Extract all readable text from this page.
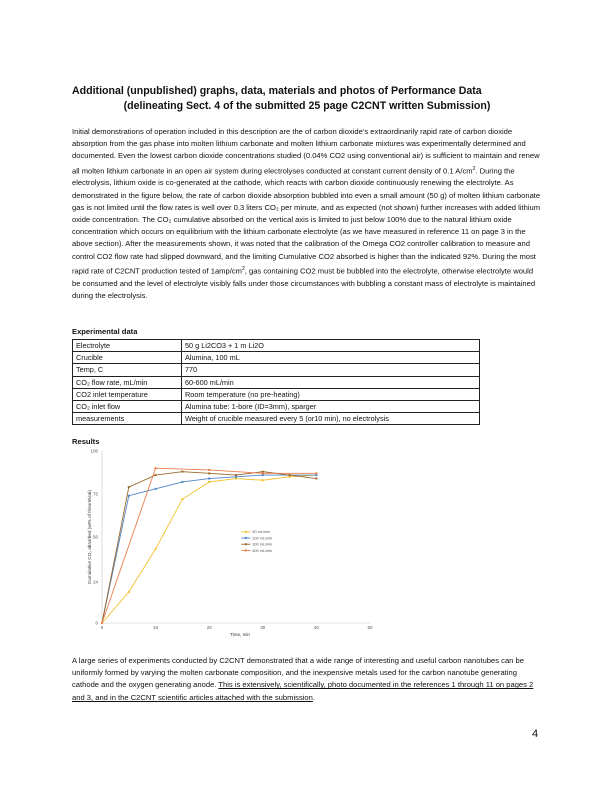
Additional (unpublished) graphs, data, materials and photos of Performance Data
(delineating Sect. 4 of the submitted 25 page C2CNT written Submission)

Initial demonstrations of operation included in this description are the of carbon dioxide’s extraordinarily rapid rate of carbon dioxide absorption from the gas phase into molten lithium carbonate and molten lithium carbonate mixtures was experimentally determined and documented. Even the lowest carbon dioxide concentrations studied (0.04% CO2 using conventional air) is sufficient to maintain and renew all molten lithium carbonate in an open air system during electrolyses conducted at constant current density of 0.1 $A/cm^2$. During the electrolysis, lithium oxide is co-generated at the cathode, which reacts with carbon dioxide continuously renewing the electrolyte. As demonstrated in the figure below, the rate of carbon dioxide absorption bubbled into even a small amount (50 g) of molten lithium carbonate gas is not limited until the flow rates is well over 0.3 liters CO₂ per minute, and as expected (not shown) further increases with added lithium oxide concentration. The CO₂ cumulative absorbed on the vertical axis is limited to just below 100% due to the natural lithium oxide concentration which occurs on equilibrium with the lithium carbonate electrolyte (as we have measured in reference 11 on page 3 in the above section). After the measurements shown, it was noted that the calibration of the Omega CO2 controller calibration to measure and control CO2 flow rate had slipped downward, and the limiting Cumulative CO2 absorbed is higher than the indicated 92%. During the most rapid rate of C2CNT production tested of $1amp/cm^2$, gas containing CO2 must be bubbled into the electrolyte, otherwise electrolyte would be consumed and the level of electrolyte visibly falls under those circumstances with bubbling a constant mass of electrolyte is maintained during the electrolysis.

Experimental data
Electrolyte	50 g Li2CO3 + 1 m Li2O
Crucible	Alumina, 100 mL
Temp, C	770
CO₂ flow rate, mL/min	60-600 mL/min
CO2 inlet temperature	Room temperature (no pre-heating)
CO₂ inlet flow	Alumina tube: 1-bore (ID=3mm), sparger
measurements	Weight of crucible measured every 5 (or10 min), no electrolysis
Results
0	10	20	30	40	50
0
24
50
75
100
60 mL/min
200 mL/min
300 mL/min
600 mL/min
Time, min
Cumulative CO₂ absorbed (wt% of theoretical)

A large series of experiments conducted by C2CNT demonstrated that a wide range of interesting and useful carbon nanotubes can be uniformly formed by varying the molten carbonate composition, and the inexpensive metals used for the carbon nanotube generating cathode and the oxygen generating anode. This is extensively, scientifically, photo documented in the references 1 through 11 on pages 2 and 3, and in the C2CNT scientific articles attached with the submission.

4
